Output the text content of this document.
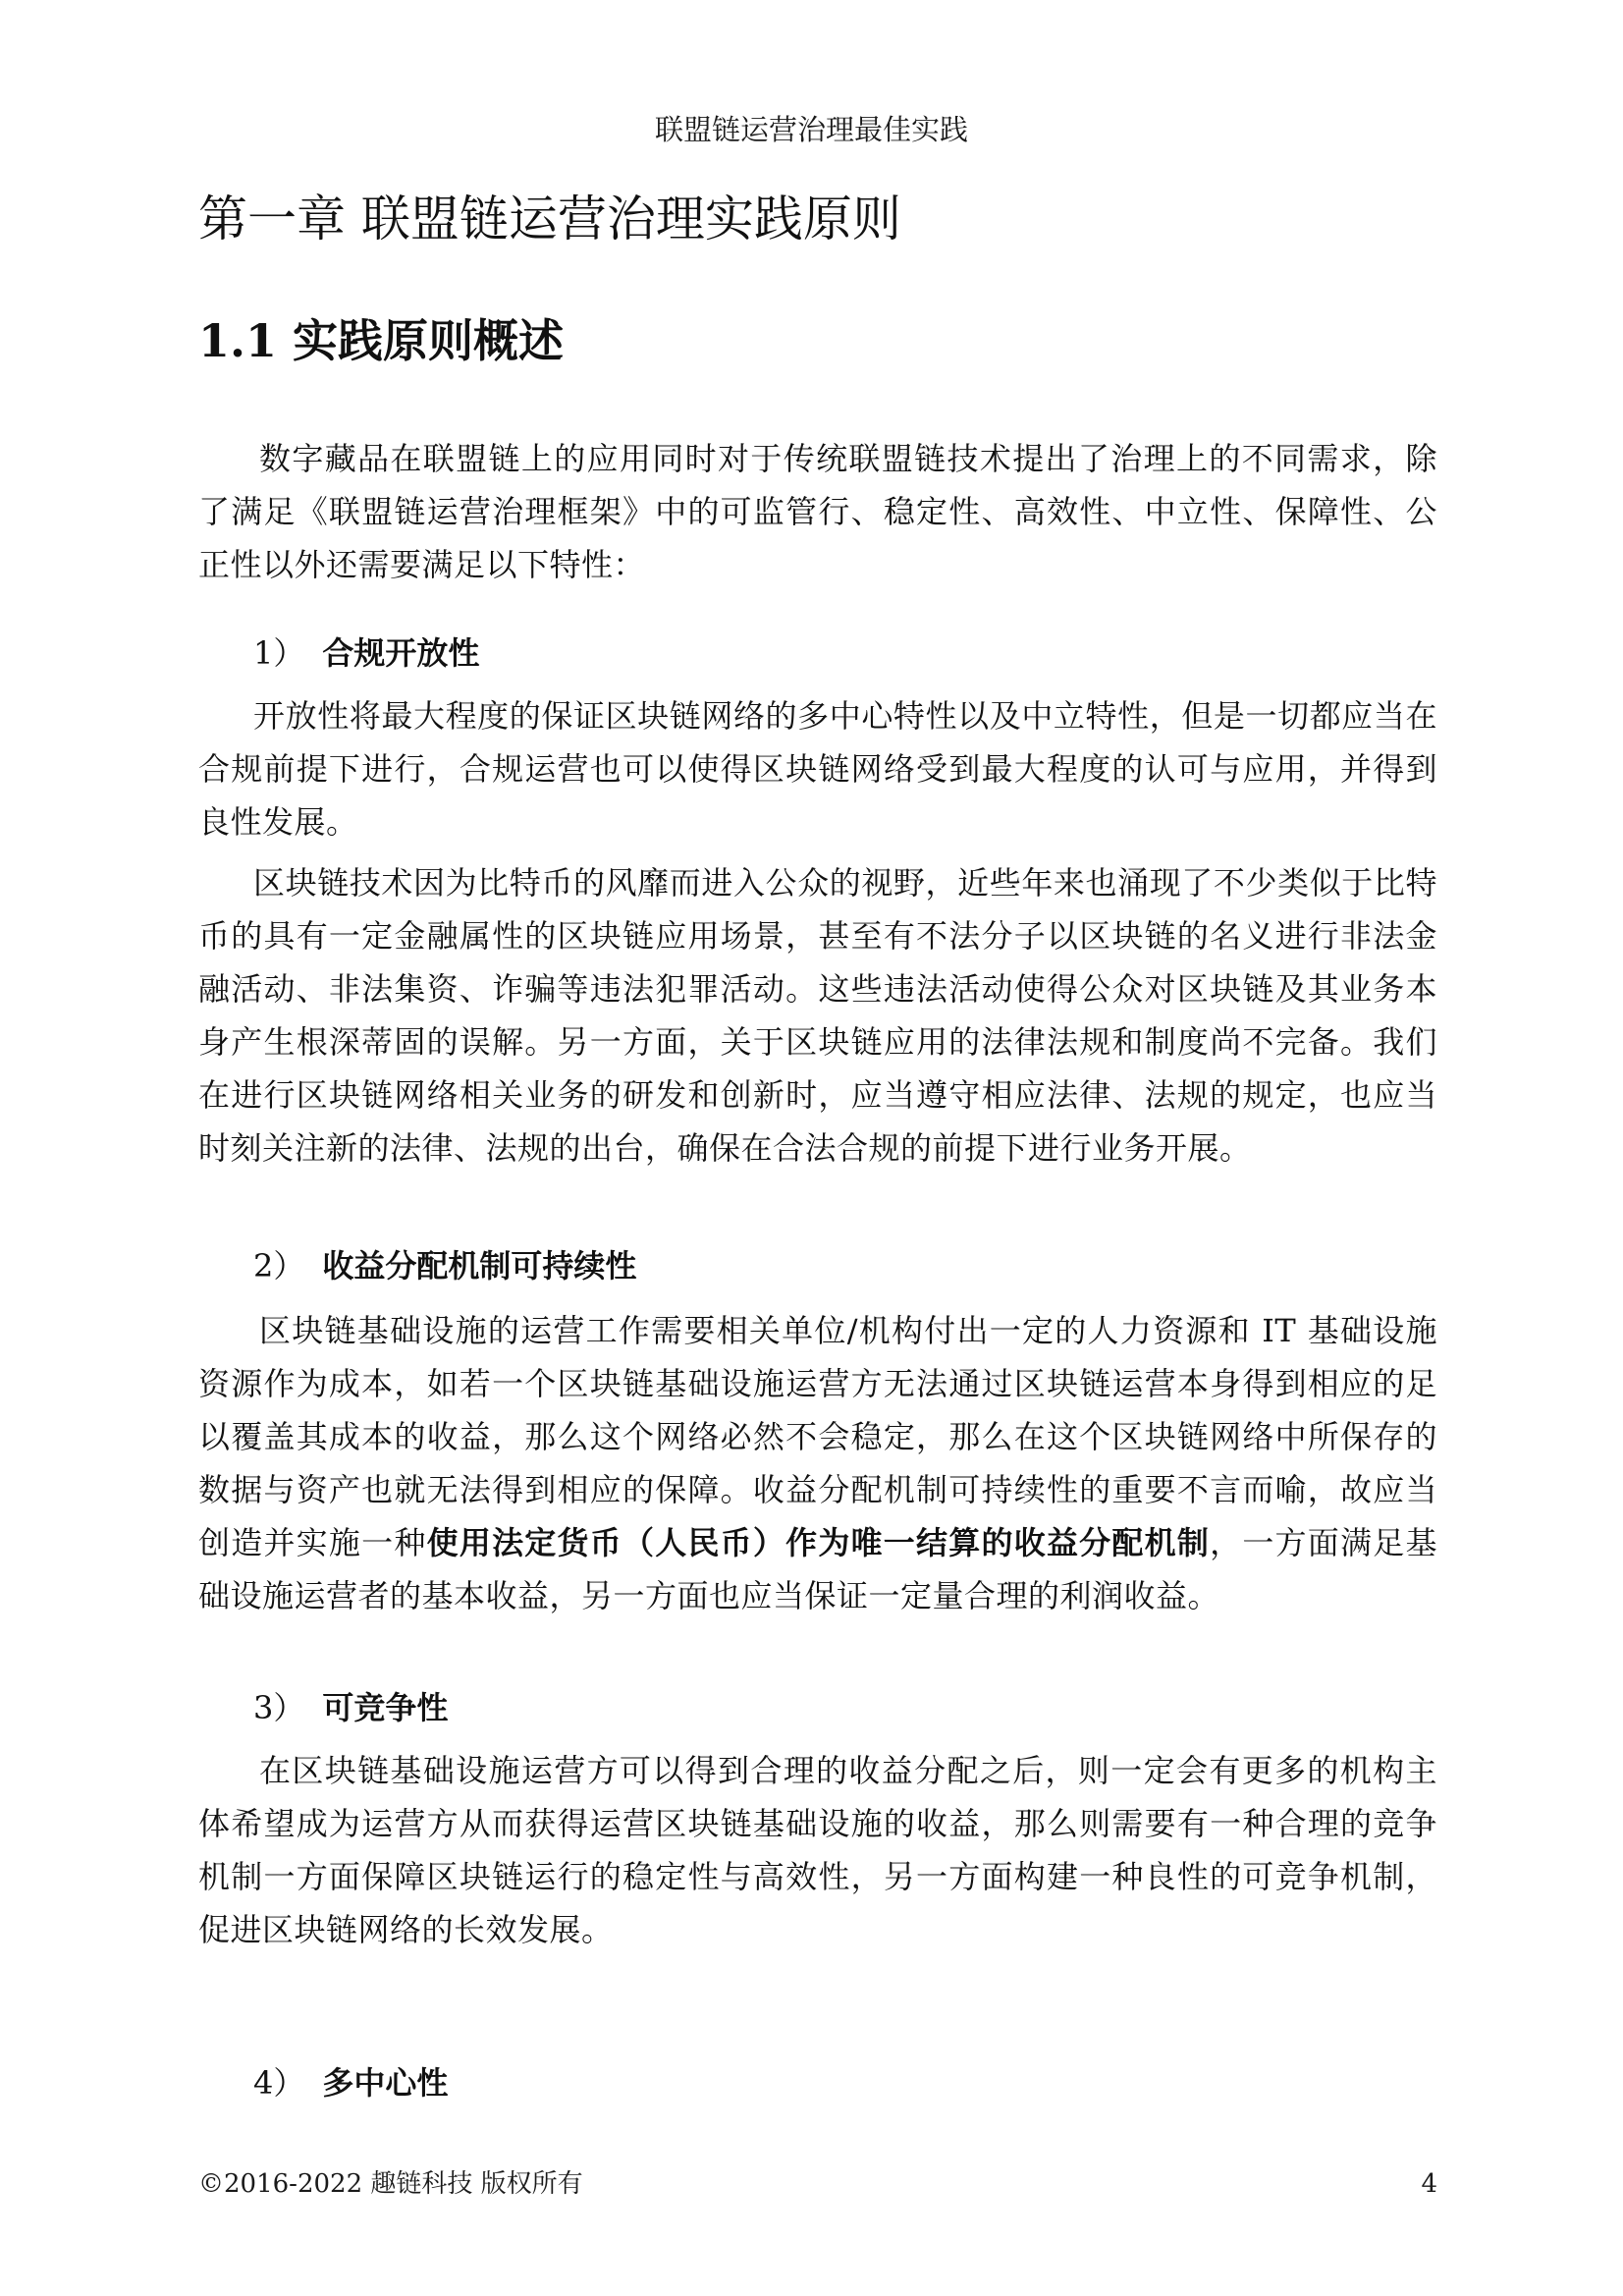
联盟链运营治理最佳实践
第一章 联盟链运营治理实践原则
1.1 实践原则概述

数字藏品在联盟链上的应用同时对于传统联盟链技术提出了治理上的不同需求，除了满足《联盟链运营治理框架》中的可监管行、稳定性、高效性、中立性、保障性、公正性以外还需要满足以下特性：

1） 合规开放性

开放性将最大程度的保证区块链网络的多中心特性以及中立特性，但是一切都应当在合规前提下进行，合规运营也可以使得区块链网络受到最大程度的认可与应用，并得到良性发展。

区块链技术因为比特币的风靡而进入公众的视野，近些年来也涌现了不少类似于比特币的具有一定金融属性的区块链应用场景，甚至有不法分子以区块链的名义进行非法金融活动、非法集资、诈骗等违法犯罪活动。这些违法活动使得公众对区块链及其业务本身产生根深蒂固的误解。另一方面，关于区块链应用的法律法规和制度尚不完备。我们在进行区块链网络相关业务的研发和创新时，应当遵守相应法律、法规的规定，也应当时刻关注新的法律、法规的出台，确保在合法合规的前提下进行业务开展。

2） 收益分配机制可持续性

区块链基础设施的运营工作需要相关单位/机构付出一定的人力资源和 IT 基础设施资源作为成本，如若一个区块链基础设施运营方无法通过区块链运营本身得到相应的足以覆盖其成本的收益，那么这个网络必然不会稳定，那么在这个区块链网络中所保存的数据与资产也就无法得到相应的保障。收益分配机制可持续性的重要不言而喻，故应当创造并实施一种使用法定货币（人民币）作为唯一结算的收益分配机制，一方面满足基础设施运营者的基本收益，另一方面也应当保证一定量合理的利润收益。

3） 可竞争性

在区块链基础设施运营方可以得到合理的收益分配之后，则一定会有更多的机构主体希望成为运营方从而获得运营区块链基础设施的收益，那么则需要有一种合理的竞争机制一方面保障区块链运行的稳定性与高效性，另一方面构建一种良性的可竞争机制，促进区块链网络的长效发展。

4） 多中心性
©2016-2022 趣链科技 版权所有	4
